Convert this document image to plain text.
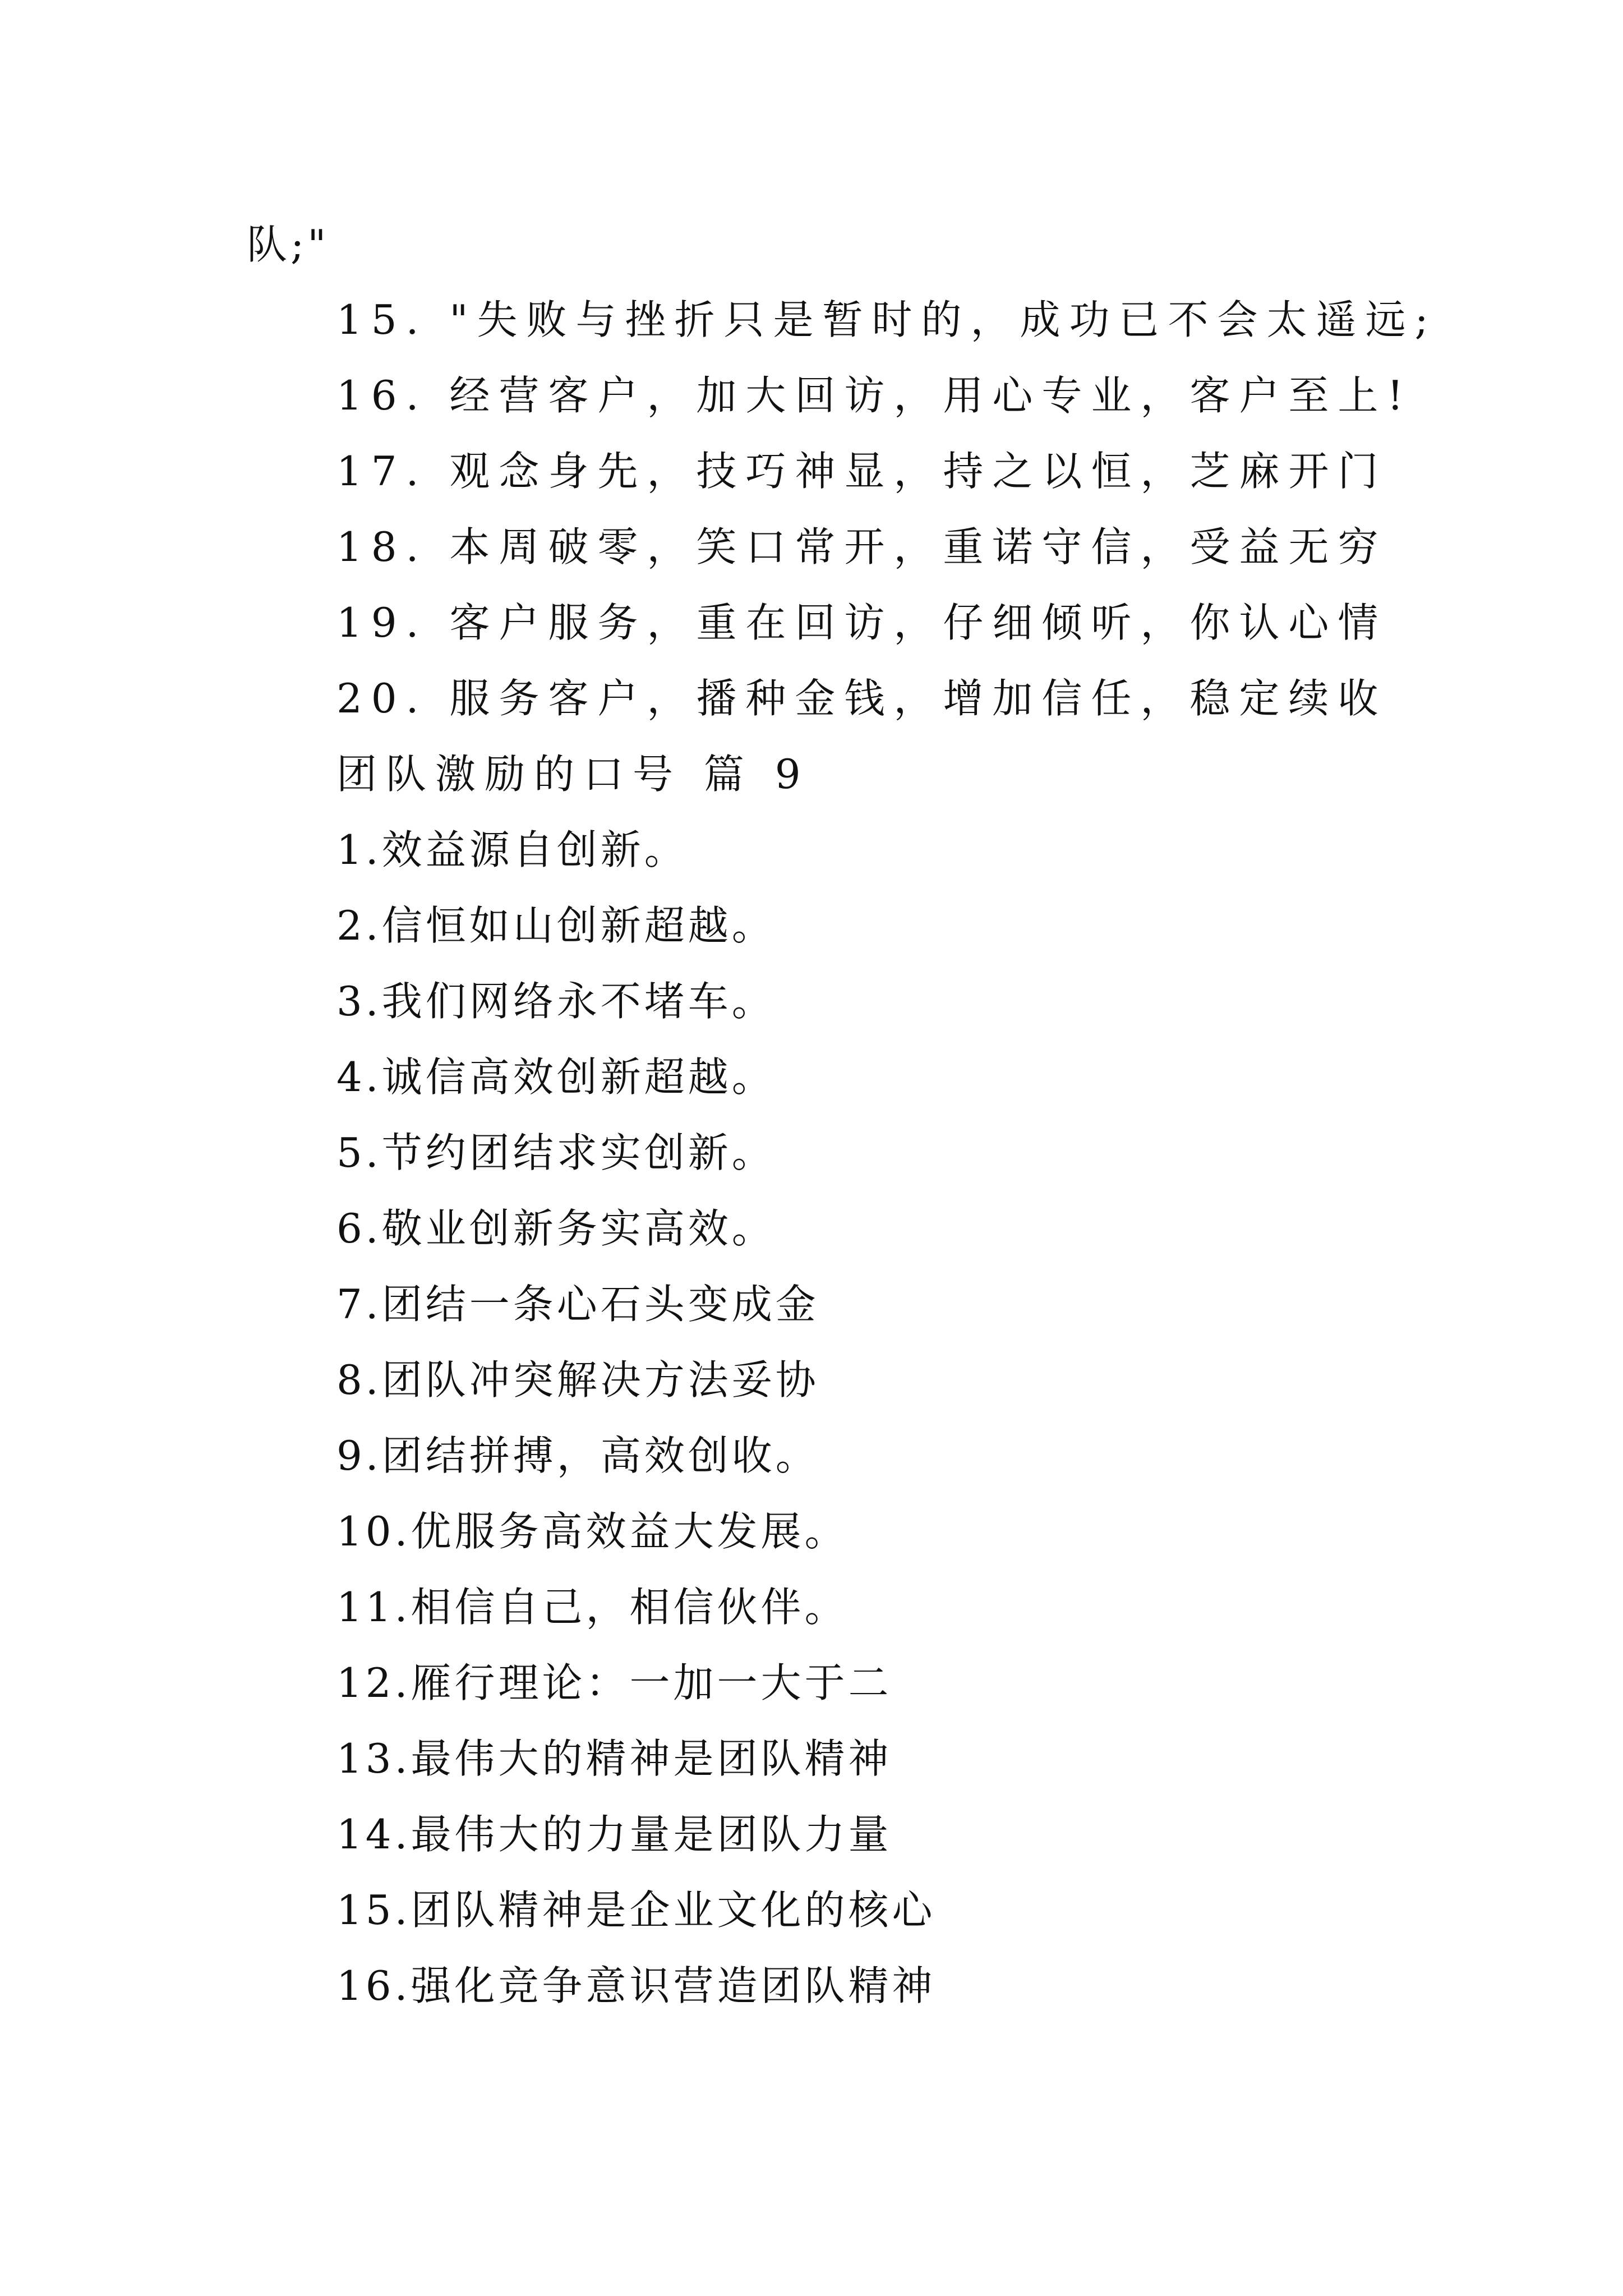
队;"
15. "失败与挫折只是暂时的，成功已不会太遥远;
16. 经营客户，加大回访，用心专业，客户至上!
17. 观念身先，技巧神显，持之以恒，芝麻开门
18. 本周破零，笑口常开，重诺守信，受益无穷
19. 客户服务，重在回访，仔细倾听，你认心情
20. 服务客户，播种金钱，增加信任，稳定续收
团队激励的口号 篇 9
1.效益源自创新。
2.信恒如山创新超越。
3.我们网络永不堵车。
4.诚信高效创新超越。
5.节约团结求实创新。
6.敬业创新务实高效。
7.团结一条心石头变成金
8.团队冲突解决方法妥协
9.团结拼搏，高效创收。
10.优服务高效益大发展。
11.相信自己，相信伙伴。
12.雁行理论：一加一大于二
13.最伟大的精神是团队精神
14.最伟大的力量是团队力量
15.团队精神是企业文化的核心
16.强化竞争意识营造团队精神
